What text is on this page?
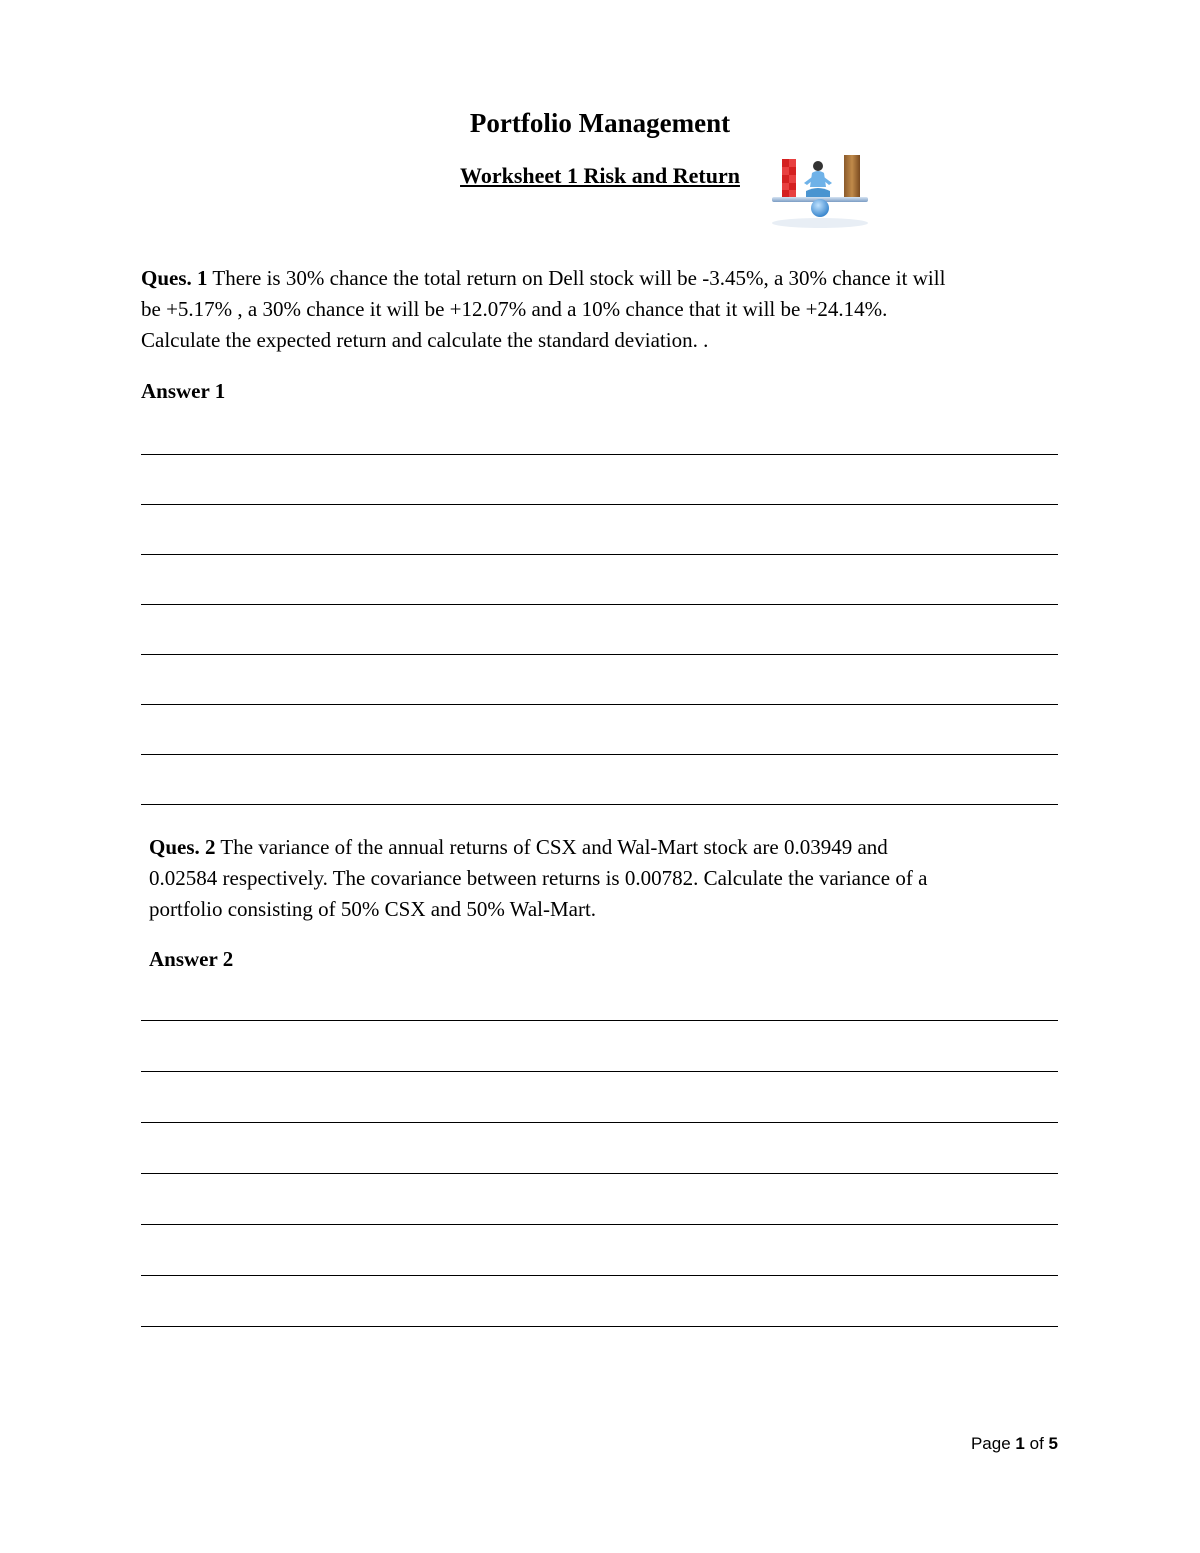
Portfolio Management
Worksheet 1 Risk and Return
Ques. 1 There is 30% chance the total return on Dell stock will be -3.45%, a 30% chance it will
be +5.17% , a 30% chance it will be +12.07% and a 10% chance that it will be +24.14%.
Calculate the expected return and calculate the standard deviation. .
Answer 1
Ques. 2 The variance of the annual returns of CSX and Wal-Mart stock are 0.03949 and
0.02584 respectively. The covariance between returns is 0.00782. Calculate the variance of a
portfolio consisting of 50% CSX and 50% Wal-Mart.
Answer 2
Page 1 of 5
